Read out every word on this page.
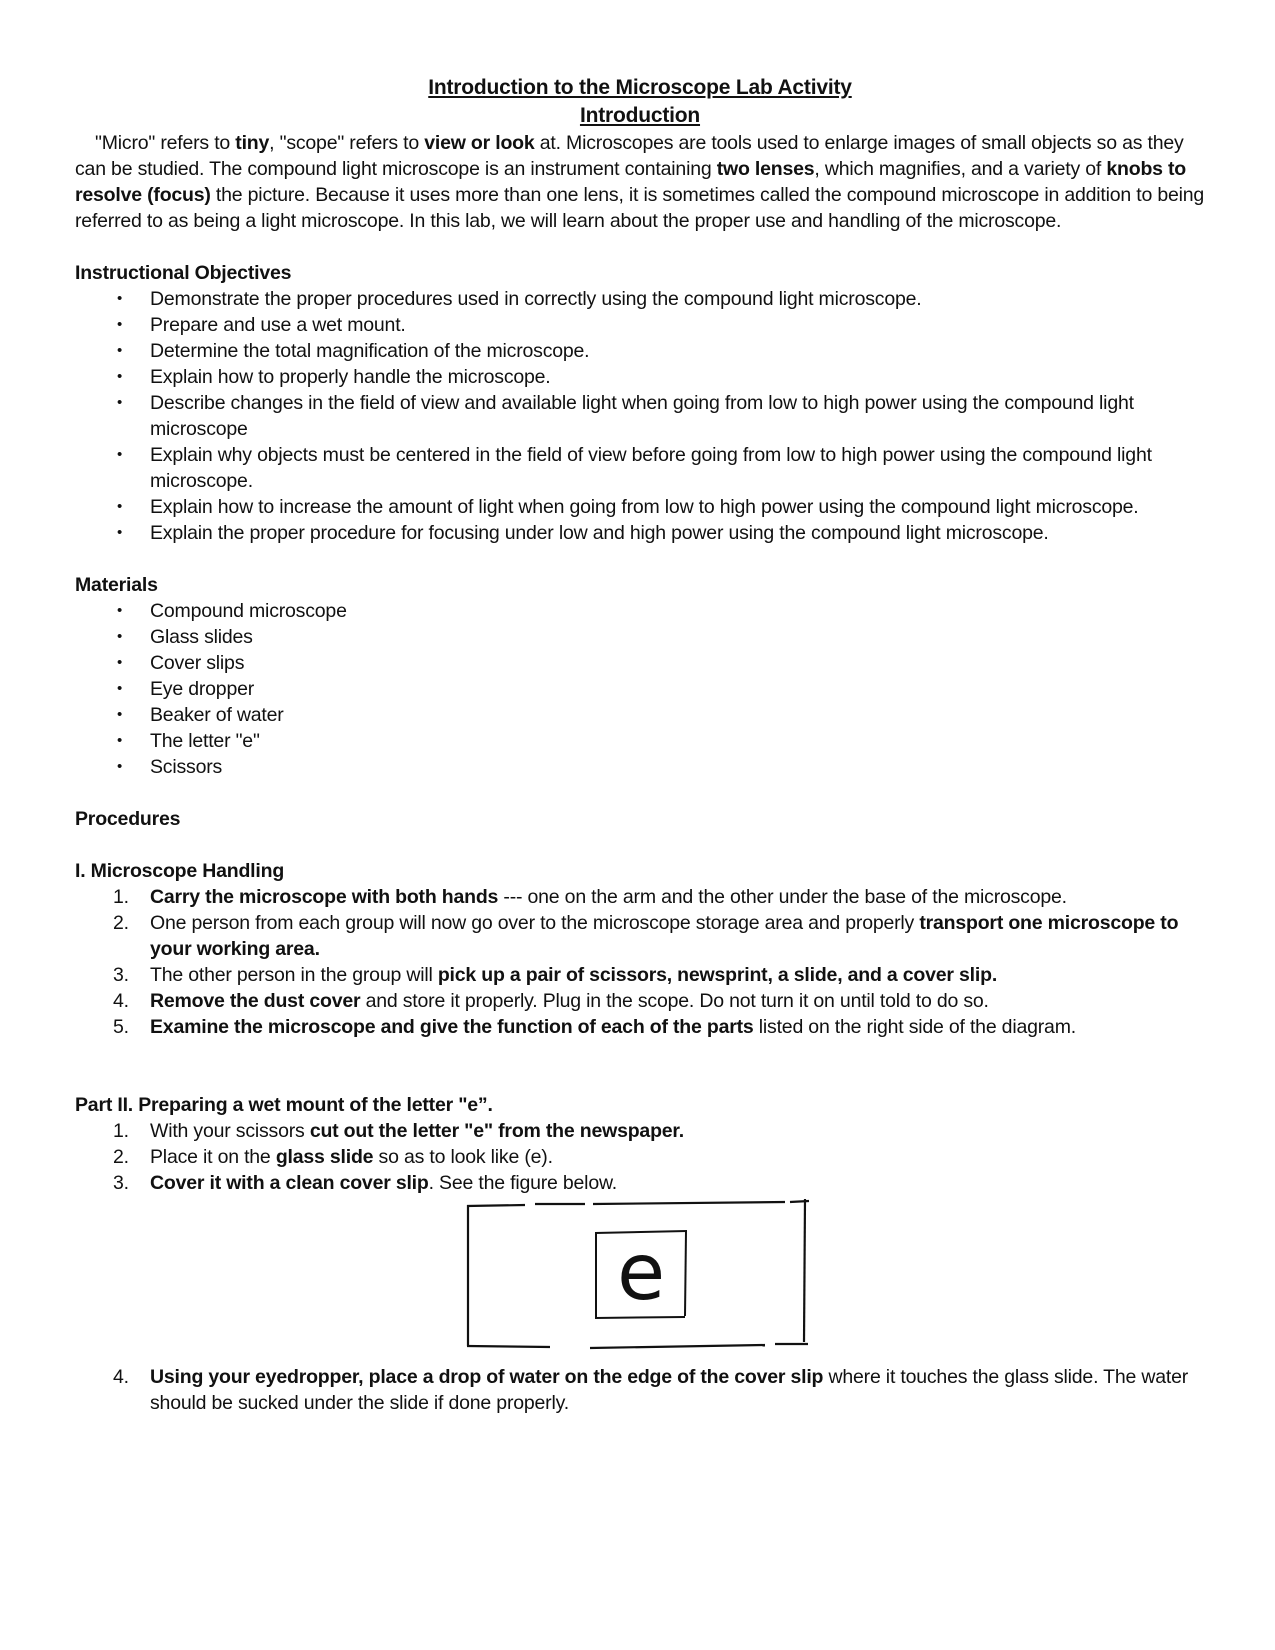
Introduction to the Microscope Lab Activity

Introduction

"Micro" refers to tiny, "scope" refers to view or look at. Microscopes are tools used to enlarge images of small objects so as they can be studied. The compound light microscope is an instrument containing two lenses, which magnifies, and a variety of knobs to resolve (focus) the picture. Because it uses more than one lens, it is sometimes called the compound microscope in addition to being referred to as being a light microscope. In this lab, we will learn about the proper use and handling of the microscope.

Instructional Objectives

• Demonstrate the proper procedures used in correctly using the compound light microscope.
• Prepare and use a wet mount.
• Determine the total magnification of the microscope.
• Explain how to properly handle the microscope.
• Describe changes in the field of view and available light when going from low to high power using the compound light microscope
• Explain why objects must be centered in the field of view before going from low to high power using the compound light microscope.
• Explain how to increase the amount of light when going from low to high power using the compound light microscope.
• Explain the proper procedure for focusing under low and high power using the compound light microscope.

Materials

• Compound microscope
• Glass slides
• Cover slips
• Eye dropper
• Beaker of water
• The letter "e"
• Scissors

Procedures

I. Microscope Handling

1. Carry the microscope with both hands --- one on the arm and the other under the base of the microscope.
2. One person from each group will now go over to the microscope storage area and properly transport one microscope to your working area.
3. The other person in the group will pick up a pair of scissors, newsprint, a slide, and a cover slip.
4. Remove the dust cover and store it properly. Plug in the scope. Do not turn it on until told to do so.
5. Examine the microscope and give the function of each of the parts listed on the right side of the diagram.

Part II. Preparing a wet mount of the letter "e”.

1. With your scissors cut out the letter "e" from the newspaper.
2. Place it on the glass slide so as to look like (e).
3. Cover it with a clean cover slip. See the figure below.
e
4. Using your eyedropper, place a drop of water on the edge of the cover slip where it touches the glass slide. The water should be sucked under the slide if done properly.
